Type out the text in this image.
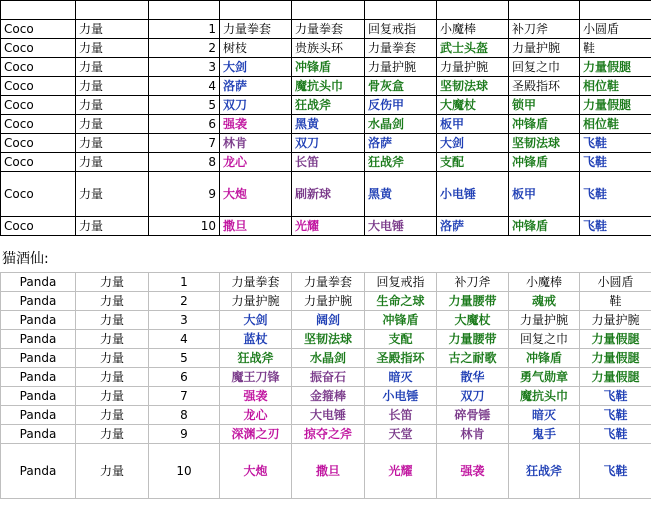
Coco	力量	1	力量拳套	力量拳套	回复戒指	小魔棒	补刀斧	小圆盾
Coco	力量	2	树枝	贵族头环	力量拳套	武士头盔	力量护腕	鞋
Coco	力量	3	大剑	冲锋盾	力量护腕	力量护腕	回复之巾	力量假腿
Coco	力量	4	洛萨	魔抗头巾	骨灰盒	坚韧法球	圣殿指环	相位鞋
Coco	力量	5	双刀	狂战斧	反伤甲	大魔杖	锁甲	力量假腿
Coco	力量	6	强袭	黑黄	水晶剑	板甲	冲锋盾	相位鞋
Coco	力量	7	林肯	双刀	洛萨	大剑	坚韧法球	飞鞋
Coco	力量	8	龙心	长笛	狂战斧	支配	冲锋盾	飞鞋
Coco	力量	9	大炮	刷新球	黑黄	小电锤	板甲	飞鞋
Coco	力量	10	撒旦	光耀	大电锤	洛萨	冲锋盾	飞鞋
猫酒仙:
Panda	力量	1	力量拳套	力量拳套	回复戒指	补刀斧	小魔棒	小圆盾
Panda	力量	2	力量护腕	力量护腕	生命之球	力量腰带	魂戒	鞋
Panda	力量	3	大剑	阔剑	冲锋盾	大魔杖	力量护腕	力量护腕
Panda	力量	4	蓝杖	坚韧法球	支配	力量腰带	回复之巾	力量假腿
Panda	力量	5	狂战斧	水晶剑	圣殿指环	古之耐歌	冲锋盾	力量假腿
Panda	力量	6	魔王刀锋	振奋石	暗灭	散华	勇气勋章	力量假腿
Panda	力量	7	强袭	金箍棒	小电锤	双刀	魔抗头巾	飞鞋
Panda	力量	8	龙心	大电锤	长笛	碎骨锤	暗灭	飞鞋
Panda	力量	9	深渊之刃	掠夺之斧	天堂	林肯	鬼手	飞鞋
Panda	力量	10	大炮	撒旦	光耀	强袭	狂战斧	飞鞋
